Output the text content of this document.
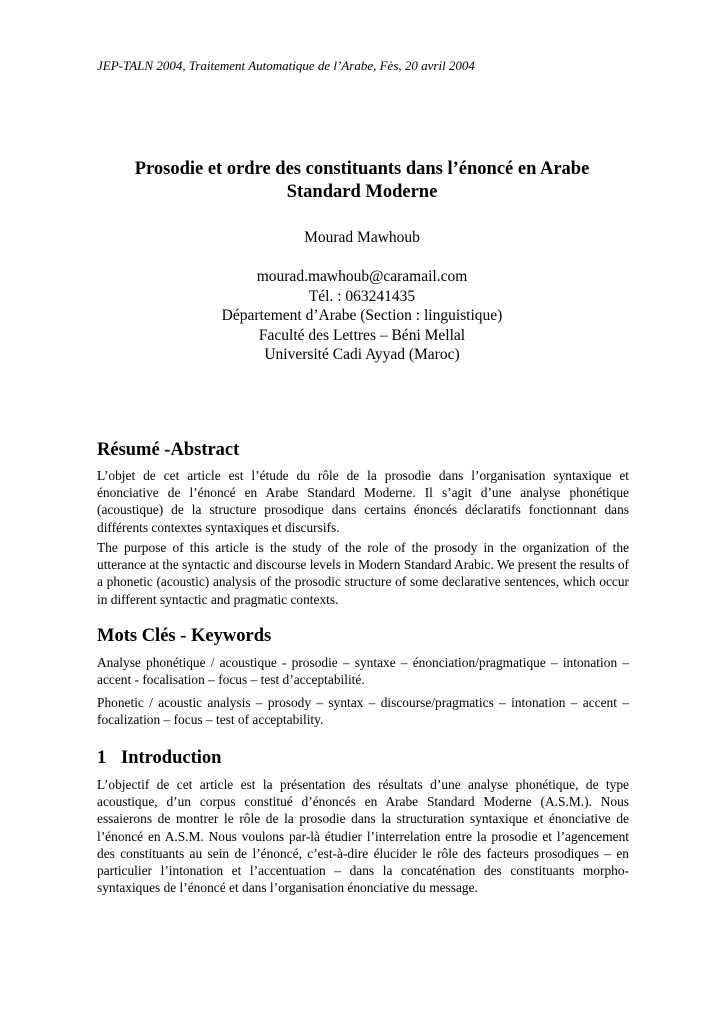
JEP-TALN 2004, Traitement Automatique de l’Arabe, Fès, 20 avril 2004
Prosodie et ordre des constituants dans l’énoncé en Arabe
Standard Moderne
Mourad Mawhoub
mourad.mawhoub@caramail.com
Tél. : 063241435
Département d’Arabe (Section : linguistique)
Faculté des Lettres – Béni Mellal
Université Cadi Ayyad (Maroc)
Résumé -Abstract

L’objet de cet article est l’étude du rôle de la prosodie dans l’organisation syntaxique et énonciative de l’énoncé en Arabe Standard Moderne. Il s’agit d’une analyse phonétique (acoustique) de la structure prosodique dans certains énoncés déclaratifs fonctionnant dans différents contextes syntaxiques et discursifs.

The purpose of this article is the study of the role of the prosody in the organization of the utterance at the syntactic and discourse levels in Modern Standard Arabic. We present the results of a phonetic (acoustic) analysis of the prosodic structure of some declarative sentences, which occur in different syntactic and pragmatic contexts.

Mots Clés - Keywords

Analyse phonétique / acoustique - prosodie – syntaxe – énonciation/pragmatique – intonation – accent - focalisation – focus – test d’acceptabilité.

Phonetic / acoustic analysis – prosody – syntax – discourse/pragmatics – intonation – accent – focalization – focus – test of acceptability.

1 Introduction

L’objectif de cet article est la présentation des résultats d’une analyse phonétique, de type acoustique, d’un corpus constitué d’énoncés en Arabe Standard Moderne (A.S.M.). Nous essaierons de montrer le rôle de la prosodie dans la structuration syntaxique et énonciative de l’énoncé en A.S.M. Nous voulons par-là étudier l’interrelation entre la prosodie et l’agencement des constituants au sein de l’énoncé, c’est-à-dire élucider le rôle des facteurs prosodiques – en particulier l’intonation et l’accentuation – dans la concaténation des constituants morpho-syntaxiques de l’énoncé et dans l’organisation énonciative du message.
